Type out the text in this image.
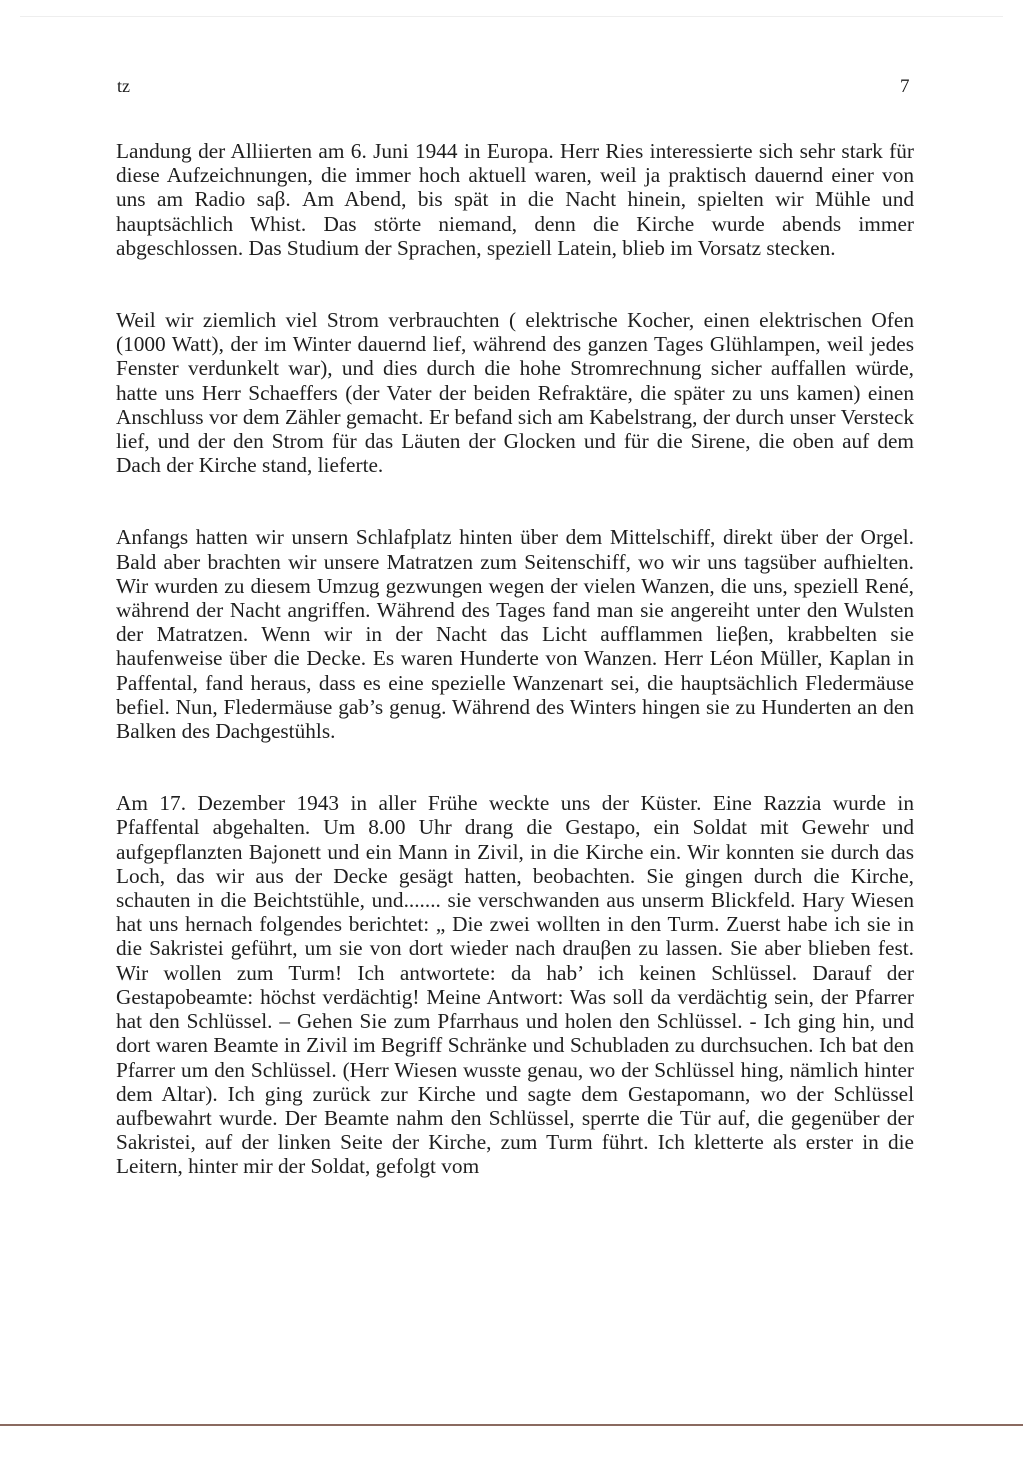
tz	7

Landung der Alliierten am 6. Juni 1944 in Europa. Herr Ries interessierte sich sehr stark für diese Aufzeichnungen, die immer hoch aktuell waren, weil ja praktisch dauernd einer von uns am Radio saβ. Am Abend, bis spät in die Nacht hinein, spielten wir Mühle und hauptsächlich Whist. Das störte niemand, denn die Kirche wurde abends immer abgeschlossen. Das Studium der Sprachen, speziell Latein, blieb im Vorsatz stecken.

Weil wir ziemlich viel Strom verbrauchten ( elektrische Kocher, einen elektrischen Ofen (1000 Watt), der im Winter dauernd lief, während des ganzen Tages Glühlampen, weil jedes Fenster verdunkelt war), und dies durch die hohe Stromrechnung sicher auffallen würde, hatte uns Herr Schaeffers (der Vater der beiden Refraktäre, die später zu uns kamen) einen Anschluss vor dem Zähler gemacht. Er befand sich am Kabelstrang, der durch unser Versteck lief, und der den Strom für das Läuten der Glocken und für die Sirene, die oben auf dem Dach der Kirche stand, lieferte.

Anfangs hatten wir unsern Schlafplatz hinten über dem Mittelschiff, direkt über der Orgel. Bald aber brachten wir unsere Matratzen zum Seitenschiff, wo wir uns tagsüber aufhielten. Wir wurden zu diesem Umzug gezwungen wegen der vielen Wanzen, die uns, speziell René, während der Nacht angriffen. Während des Tages fand man sie angereiht unter den Wulsten der Matratzen. Wenn wir in der Nacht das Licht aufflammen lieβen, krabbelten sie haufenweise über die Decke. Es waren Hunderte von Wanzen. Herr Léon Müller, Kaplan in Paffental, fand heraus, dass es eine spezielle Wanzenart sei, die hauptsächlich Fledermäuse befiel. Nun, Fledermäuse gab’s genug. Während des Winters hingen sie zu Hunderten an den Balken des Dachgestühls.

Am 17. Dezember 1943 in aller Frühe weckte uns der Küster. Eine Razzia wurde in Pfaffental abgehalten. Um 8.00 Uhr drang die Gestapo, ein Soldat mit Gewehr und aufgepflanzten Bajonett und ein Mann in Zivil, in die Kirche ein. Wir konnten sie durch das Loch, das wir aus der Decke gesägt hatten, beobachten. Sie gingen durch die Kirche, schauten in die Beichtstühle, und....... sie verschwanden aus unserm Blickfeld. Hary Wiesen hat uns hernach folgendes berichtet: „ Die zwei wollten in den Turm. Zuerst habe ich sie in die Sakristei geführt, um sie von dort wieder nach drauβen zu lassen. Sie aber blieben fest. Wir wollen zum Turm! Ich antwortete: da hab’ ich keinen Schlüssel. Darauf der Gestapobeamte: höchst verdächtig! Meine Antwort: Was soll da verdächtig sein, der Pfarrer hat den Schlüssel. – Gehen Sie zum Pfarrhaus und holen den Schlüssel. - Ich ging hin, und dort waren Beamte in Zivil im Begriff Schränke und Schubladen zu durchsuchen. Ich bat den Pfarrer um den Schlüssel. (Herr Wiesen wusste genau, wo der Schlüssel hing, nämlich hinter dem Altar). Ich ging zurück zur Kirche und sagte dem Gestapomann, wo der Schlüssel aufbewahrt wurde. Der Beamte nahm den Schlüssel, sperrte die Tür auf, die gegenüber der Sakristei, auf der linken Seite der Kirche, zum Turm führt. Ich kletterte als erster in die Leitern, hinter mir der Soldat, gefolgt vom
